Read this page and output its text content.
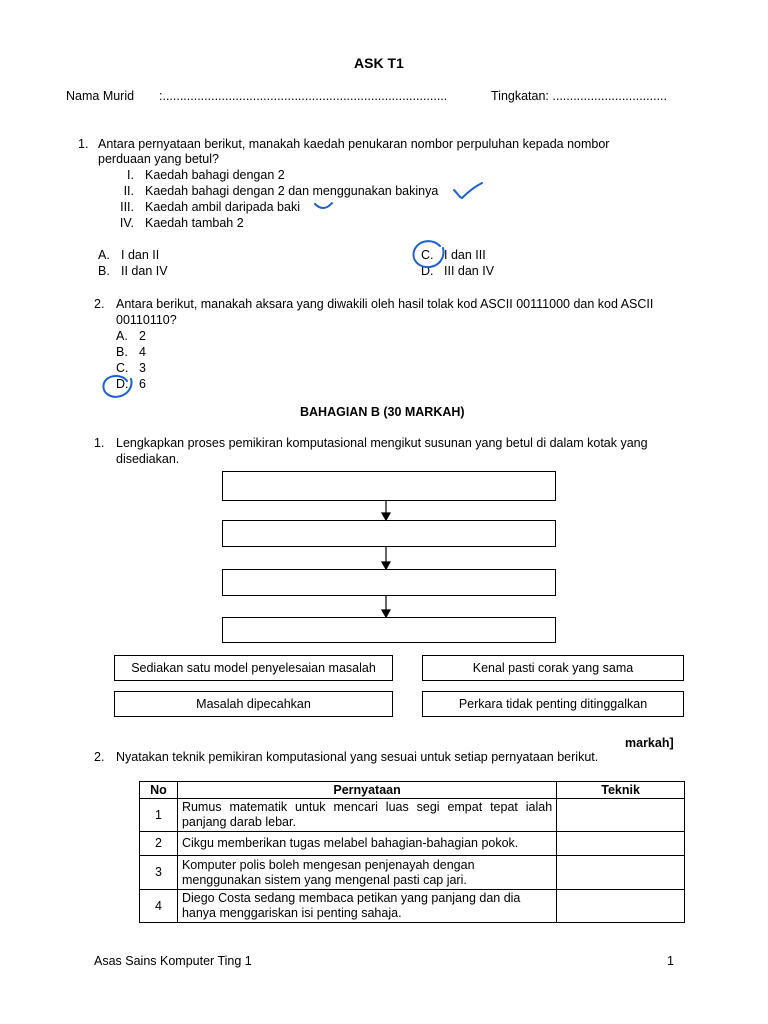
ASK T1
Nama Murid :..................................................................................	Tingkatan: .................................
1. Antara pernyataan berikut, manakah kaedah penukaran nombor perpuluhan kepada nombor
perduaan yang betul?
I. Kaedah bahagi dengan 2
II. Kaedah bahagi dengan 2 dan menggunakan bakinya
III. Kaedah ambil daripada baki
IV. Kaedah tambah 2
A. I dan II
B. II dan IV
C. I dan III
D. III dan IV
2. Antara berikut, manakah aksara yang diwakili oleh hasil tolak kod ASCII 00111000 dan kod ASCII
00110110?
A. 2
B. 4
C. 3
D. 6
BAHAGIAN B (30 MARKAH)
1. Lengkapkan proses pemikiran komputasional mengikut susunan yang betul di dalam kotak yang
disediakan.
Sediakan satu model penyelesaian masalah	Kenal pasti corak yang sama
Masalah dipecahkan	Perkara tidak penting ditinggalkan
markah]
2. Nyatakan teknik pemikiran komputasional yang sesuai untuk setiap pernyataan berikut.
No	Pernyataan	Teknik
1	Rumus matematik untuk mencari luas segi empat tepat ialah panjang darab lebar.	
2	Cikgu memberikan tugas melabel bahagian-bahagian pokok.	
3	Komputer polis boleh mengesan penjenayah dengan menggunakan sistem yang mengenal pasti cap jari.	
4	Diego Costa sedang membaca petikan yang panjang dan dia hanya menggariskan isi penting sahaja.	
Asas Sains Komputer Ting 1	1
